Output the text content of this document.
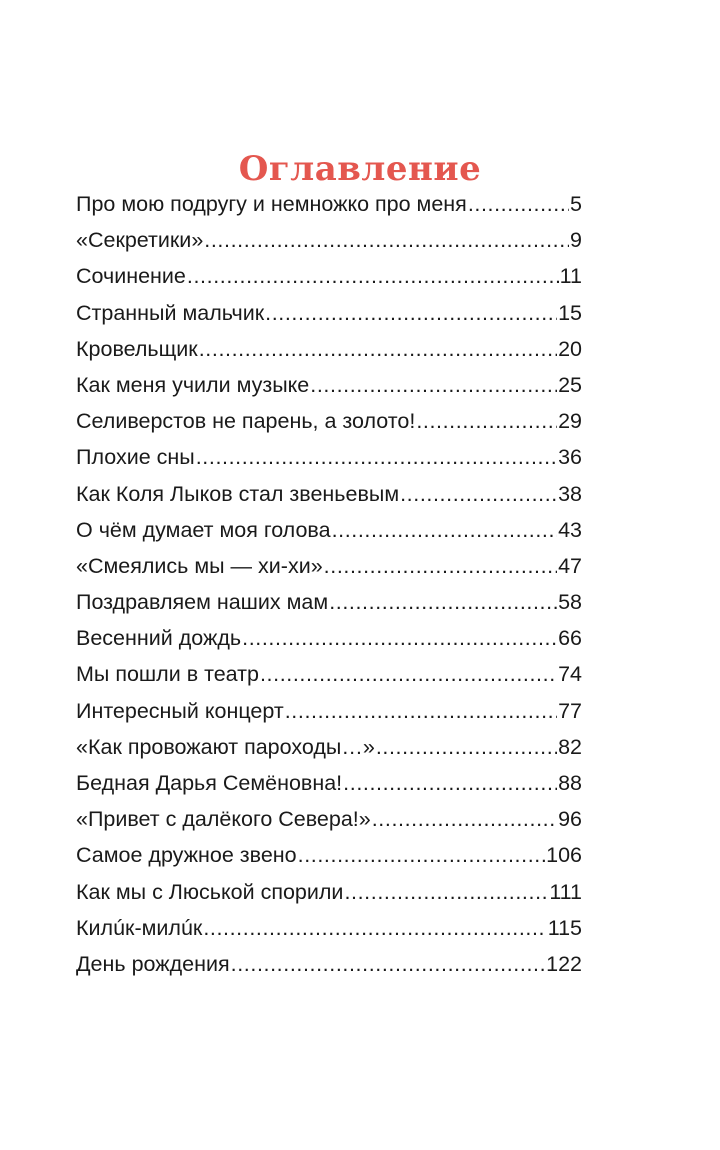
Оглавление
Про мою подругу и немножко про меня .....	5
«Секретики» .....	9
Сочинение .....	11
Странный мальчик .....	15
Кровельщик .....	20
Как меня учили музыке .....	25
Селиверстов не парень, а золото! .....	29
Плохие сны .....	36
Как Коля Лыков стал звеньевым .....	38
О чём думает моя голова .....	43
«Смеялись мы — хи-хи» .....	47
Поздравляем наших мам .....	58
Весенний дождь .....	66
Мы пошли в театр .....	74
Интересный концерт .....	77
«Как провожают пароходы…» .....	82
Бедная Дарья Семёновна! .....	88
«Привет с далёкого Севера!» .....	96
Самое дружное звено .....	106
Как мы с Люськой спорили .....	111
Килúк-милúк .....	115
День рождения .....	122
